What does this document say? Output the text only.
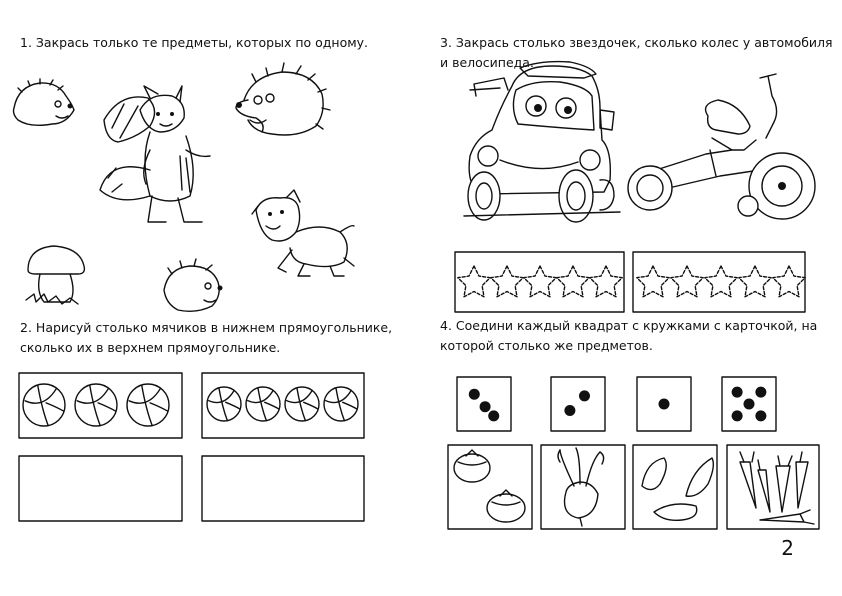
1. Закрась только те предметы, которых по одному.

2. Нарисуй столько мячиков в нижнем прямоугольнике, сколько их в верхнем прямоугольнике.

3. Закрась столько звездочек, сколько колес у автомобиля и велосипеда.

4. Соедини каждый квадрат с кружками с карточкой, на которой столько же предметов.

2
